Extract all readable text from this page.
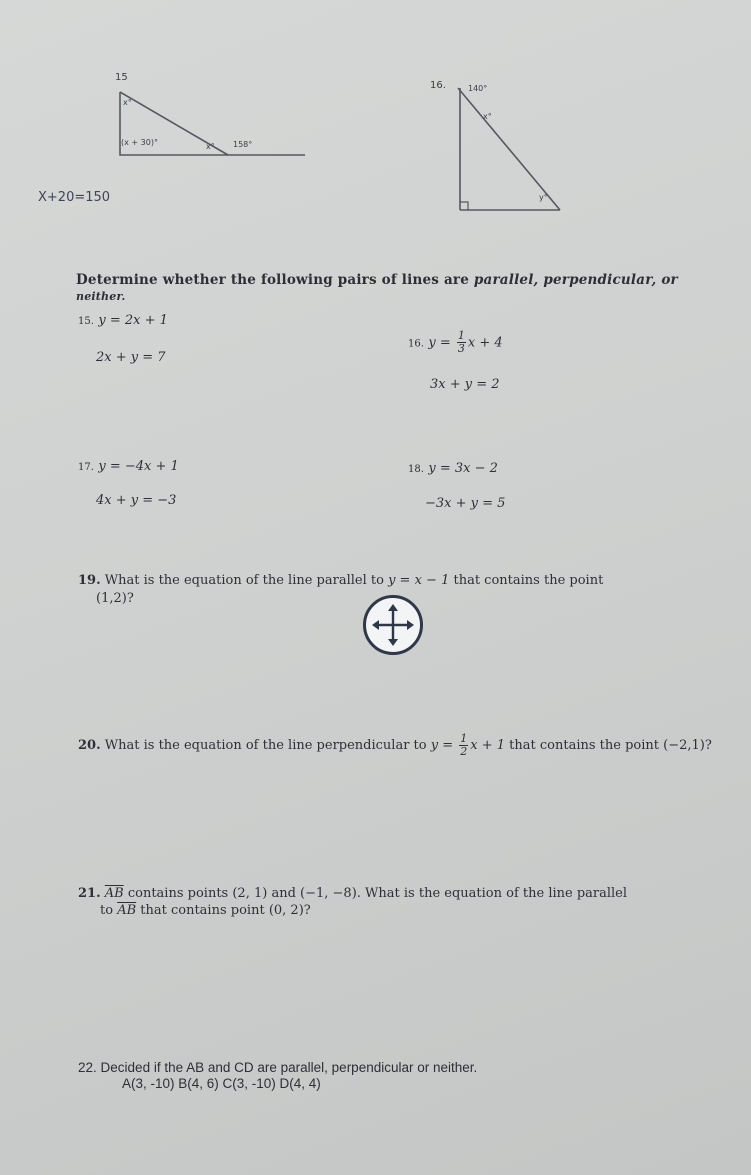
15
x°
(x + 30)°	x° 158°
X+20=150
16.	140°
x°
y°
Determine whether the following pairs of lines are parallel, perpendicular, or
neither.
15. y = 2x + 1
2x + y = 7
16. $y = \frac{1}{3}$ x + 4
3x + y = 2
17. y = −4x + 1
4x + y = −3
18. y = 3x − 2
−3x + y = 5
19. What is the equation of the line parallel to y = x − 1 that contains the point
(1,2)?
20. What is the equation of the line perpendicular to $y = \frac{1}{2}$ x + 1 that contains the point (−2,1)?
21. $\overline{AB}$ contains points (2, 1) and (−1, −8). What is the equation of the line parallel
to $\overline{AB}$ that contains point (0, 2)?
22. Decided if the AB and CD are parallel, perpendicular or neither.
A(3, -10) B(4, 6) C(3, -10) D(4, 4)
